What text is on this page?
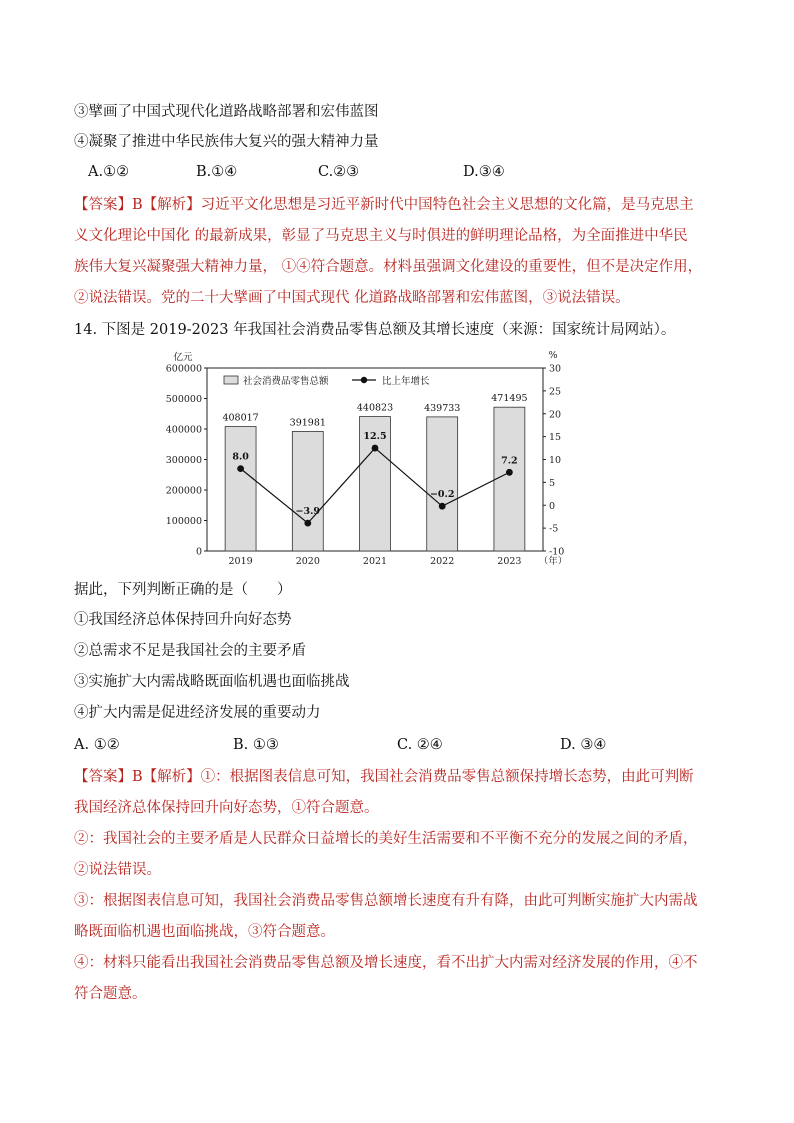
③擘画了中国式现代化道路战略部署和宏伟蓝图
④凝聚了推进中华民族伟大复兴的强大精神力量
A.①②	B.①④	C.②③	D.③④
【答案】B【解析】习近平文化思想是习近平新时代中国特色社会主义思想的文化篇，是马克思主
义文化理论中国化 的最新成果，彰显了马克思主义与时俱进的鲜明理论品格，为全面推进中华民
族伟大复兴凝聚强大精神力量， ①④符合题意。材料虽强调文化建设的重要性，但不是决定作用，
②说法错误。党的二十大擘画了中国式现代 化道路战略部署和宏伟蓝图，③说法错误。
14. 下图是 2019-2023 年我国社会消费品零售总额及其增长速度（来源：国家统计局网站）。
0
100000
200000
300000
400000
500000
600000
亿元
-10
-5
0
5
10
15
20
25
30
%
408017	391981
440823	439733
471495
2019	2020	2021	2022	2023 （年）
8.0
−3.9
12.5
−0.2
7.2
社会消费品零售总额	比上年增长
据此，下列判断正确的是（　　）
①我国经济总体保持回升向好态势
②总需求不足是我国社会的主要矛盾
③实施扩大内需战略既面临机遇也面临挑战
④扩大内需是促进经济发展的重要动力
A. ①②	B. ①③	C. ②④	D. ③④
【答案】B【解析】①：根据图表信息可知，我国社会消费品零售总额保持增长态势，由此可判断
我国经济总体保持回升向好态势，①符合题意。
②：我国社会的主要矛盾是人民群众日益增长的美好生活需要和不平衡不充分的发展之间的矛盾，
②说法错误。
③：根据图表信息可知，我国社会消费品零售总额增长速度有升有降，由此可判断实施扩大内需战
略既面临机遇也面临挑战，③符合题意。
④：材料只能看出我国社会消费品零售总额及增长速度，看不出扩大内需对经济发展的作用，④不
符合题意。
